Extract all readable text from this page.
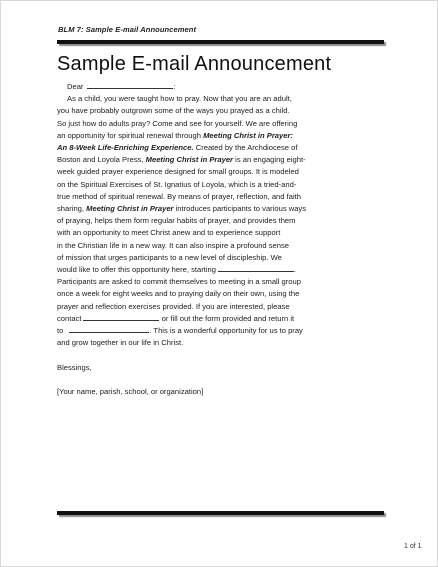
BLM 7: Sample E-mail Announcement
Sample E-mail Announcement
Dear	:
As a child, you were taught how to pray. Now that you are an adult,
you have probably outgrown some of the ways you prayed as a child.
So just how do adults pray? Come and see for yourself. We are offering
an opportunity for spiritual renewal through Meeting Christ in Prayer:
An 8-Week Life-Enriching Experience. Created by the Archdiocese of
Boston and Loyola Press, Meeting Christ in Prayer is an engaging eight-
week guided prayer experience designed for small groups. It is modeled
on the Spiritual Exercises of St. Ignatius of Loyola, which is a tried-and-
true method of spiritual renewal. By means of prayer, reflection, and faith
sharing, Meeting Christ in Prayer introduces participants to various ways
of praying, helps them form regular habits of prayer, and provides them
with an opportunity to meet Christ anew and to experience support
in the Christian life in a new way. It can also inspire a profound sense
of mission that urges participants to a new level of discipleship. We
would like to offer this opportunity here, starting	.
Participants are asked to commit themselves to meeting in a small group
once a week for eight weeks and to praying daily on their own, using the
prayer and reflection exercises provided. If you are interested, please
contact	or fill out the form provided and return it
to	. This is a wonderful opportunity for us to pray
and grow together in our life in Christ.
Blessings,
[Your name, parish, school, or organization]
1 of 1
